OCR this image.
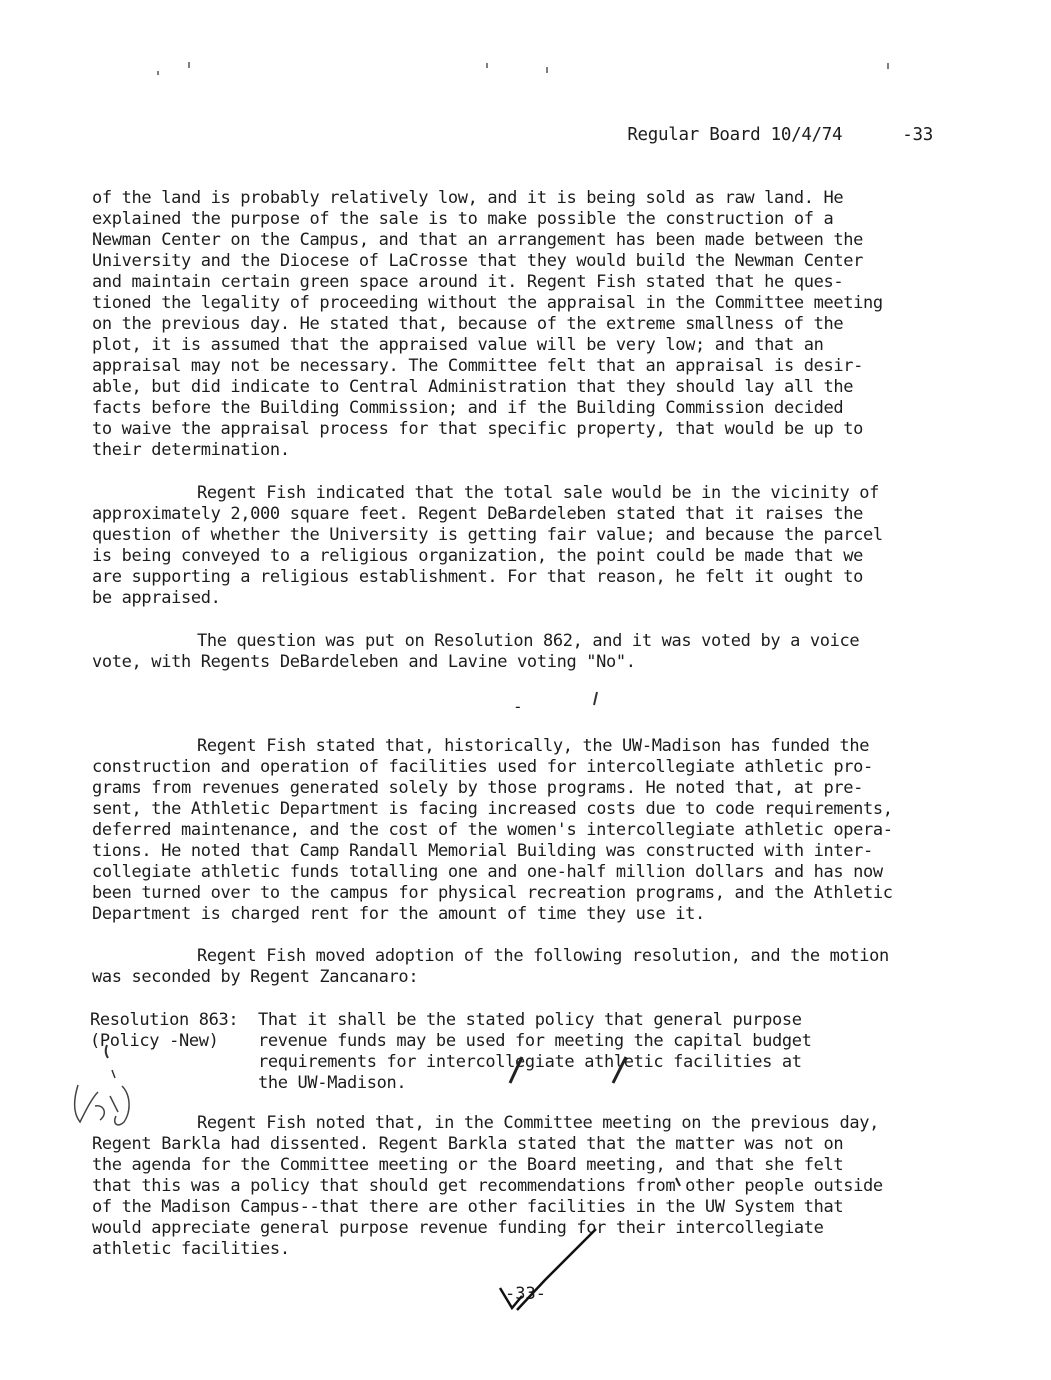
Regular Board 10/4/74	-33
of the land is probably relatively low, and it is being sold as raw land. He
explained the purpose of the sale is to make possible the construction of a
Newman Center on the Campus, and that an arrangement has been made between the
University and the Diocese of LaCrosse that they would build the Newman Center
and maintain certain green space around it. Regent Fish stated that he ques-
tioned the legality of proceeding without the appraisal in the Committee meeting
on the previous day. He stated that, because of the extreme smallness of the
plot, it is assumed that the appraised value will be very low; and that an
appraisal may not be necessary. The Committee felt that an appraisal is desir-
able, but did indicate to Central Administration that they should lay all the
facts before the Building Commission; and if the Building Commission decided
to waive the appraisal process for that specific property, that would be up to
their determination.
Regent Fish indicated that the total sale would be in the vicinity of
approximately 2,000 square feet. Regent DeBardeleben stated that it raises the
question of whether the University is getting fair value; and because the parcel
is being conveyed to a religious organization, the point could be made that we
are supporting a religious establishment. For that reason, he felt it ought to
be appraised.
The question was put on Resolution 862, and it was voted by a voice
vote, with Regents DeBardeleben and Lavine voting "No".
-
Regent Fish stated that, historically, the UW-Madison has funded the
construction and operation of facilities used for intercollegiate athletic pro-
grams from revenues generated solely by those programs. He noted that, at pre-
sent, the Athletic Department is facing increased costs due to code requirements,
deferred maintenance, and the cost of the women's intercollegiate athletic opera-
tions. He noted that Camp Randall Memorial Building was constructed with inter-
collegiate athletic funds totalling one and one-half million dollars and has now
been turned over to the campus for physical recreation programs, and the Athletic
Department is charged rent for the amount of time they use it.
Regent Fish moved adoption of the following resolution, and the motion
was seconded by Regent Zancanaro:
Resolution 863:
(Policy -New)
That it shall be the stated policy that general purpose
revenue funds may be used for meeting the capital budget
requirements for intercollegiate athletic facilities at
the UW-Madison.
Regent Fish noted that, in the Committee meeting on the previous day,
Regent Barkla had dissented. Regent Barkla stated that the matter was not on
the agenda for the Committee meeting or the Board meeting, and that she felt
that this was a policy that should get recommendations from other people outside
of the Madison Campus--that there are other facilities in the UW System that
would appreciate general purpose revenue funding for their intercollegiate
athletic facilities.
-33-
